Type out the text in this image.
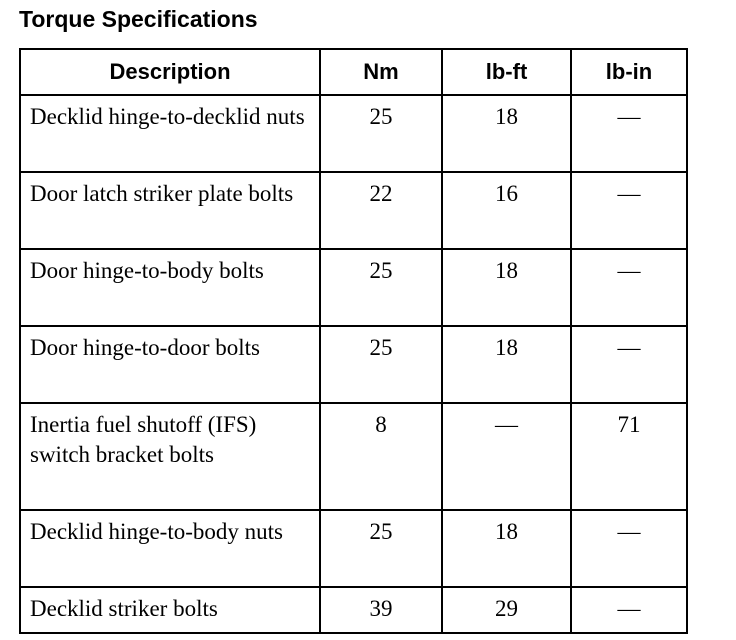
Torque Specifications
Description	Nm	lb-ft	lb-in
Decklid hinge-to-decklid nuts	25	18	—
Door latch striker plate bolts	22	16	—
Door hinge-to-body bolts	25	18	—
Door hinge-to-door bolts	25	18	—
Inertia fuel shutoff (IFS) switch bracket bolts	8	—	71
Decklid hinge-to-body nuts	25	18	—
Decklid striker bolts	39	29	—
